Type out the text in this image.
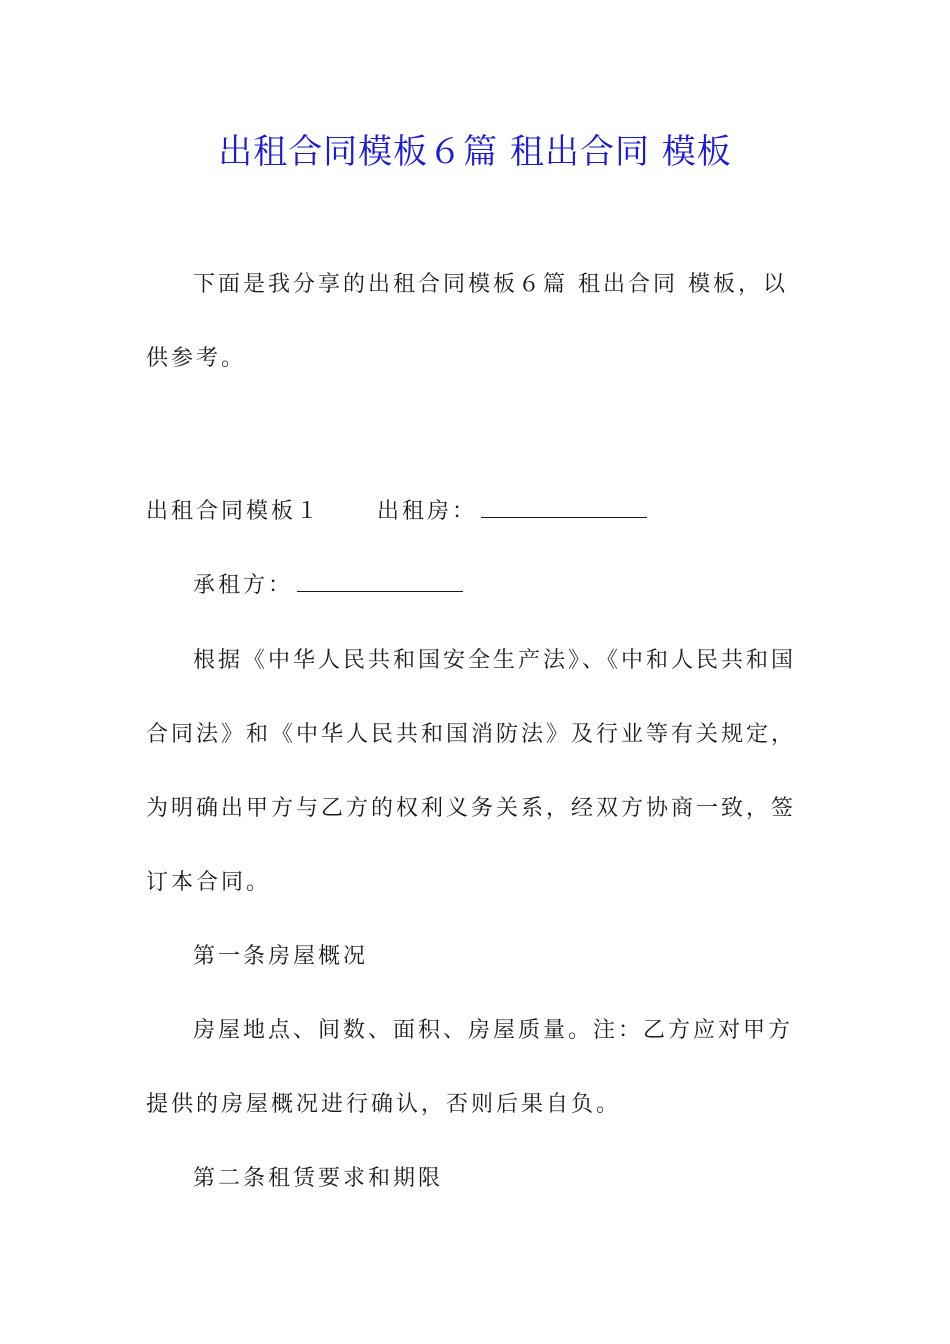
出租合同模板６篇 租出合同 模板

下面是我分享的出租合同模板６篇 租出合同 模板，以供参考。

出租合同模板１	出租房：
承租方：

根据《中华人民共和国安全生产法》、《中和人民共和国合同法》和《中华人民共和国消防法》及行业等有关规定，为明确出甲方与乙方的权利义务关系，经双方协商一致，签订本合同。

第一条房屋概况

房屋地点、间数、面积、房屋质量。注：乙方应对甲方提供的房屋概况进行确认，否则后果自负。

第二条租赁要求和期限
